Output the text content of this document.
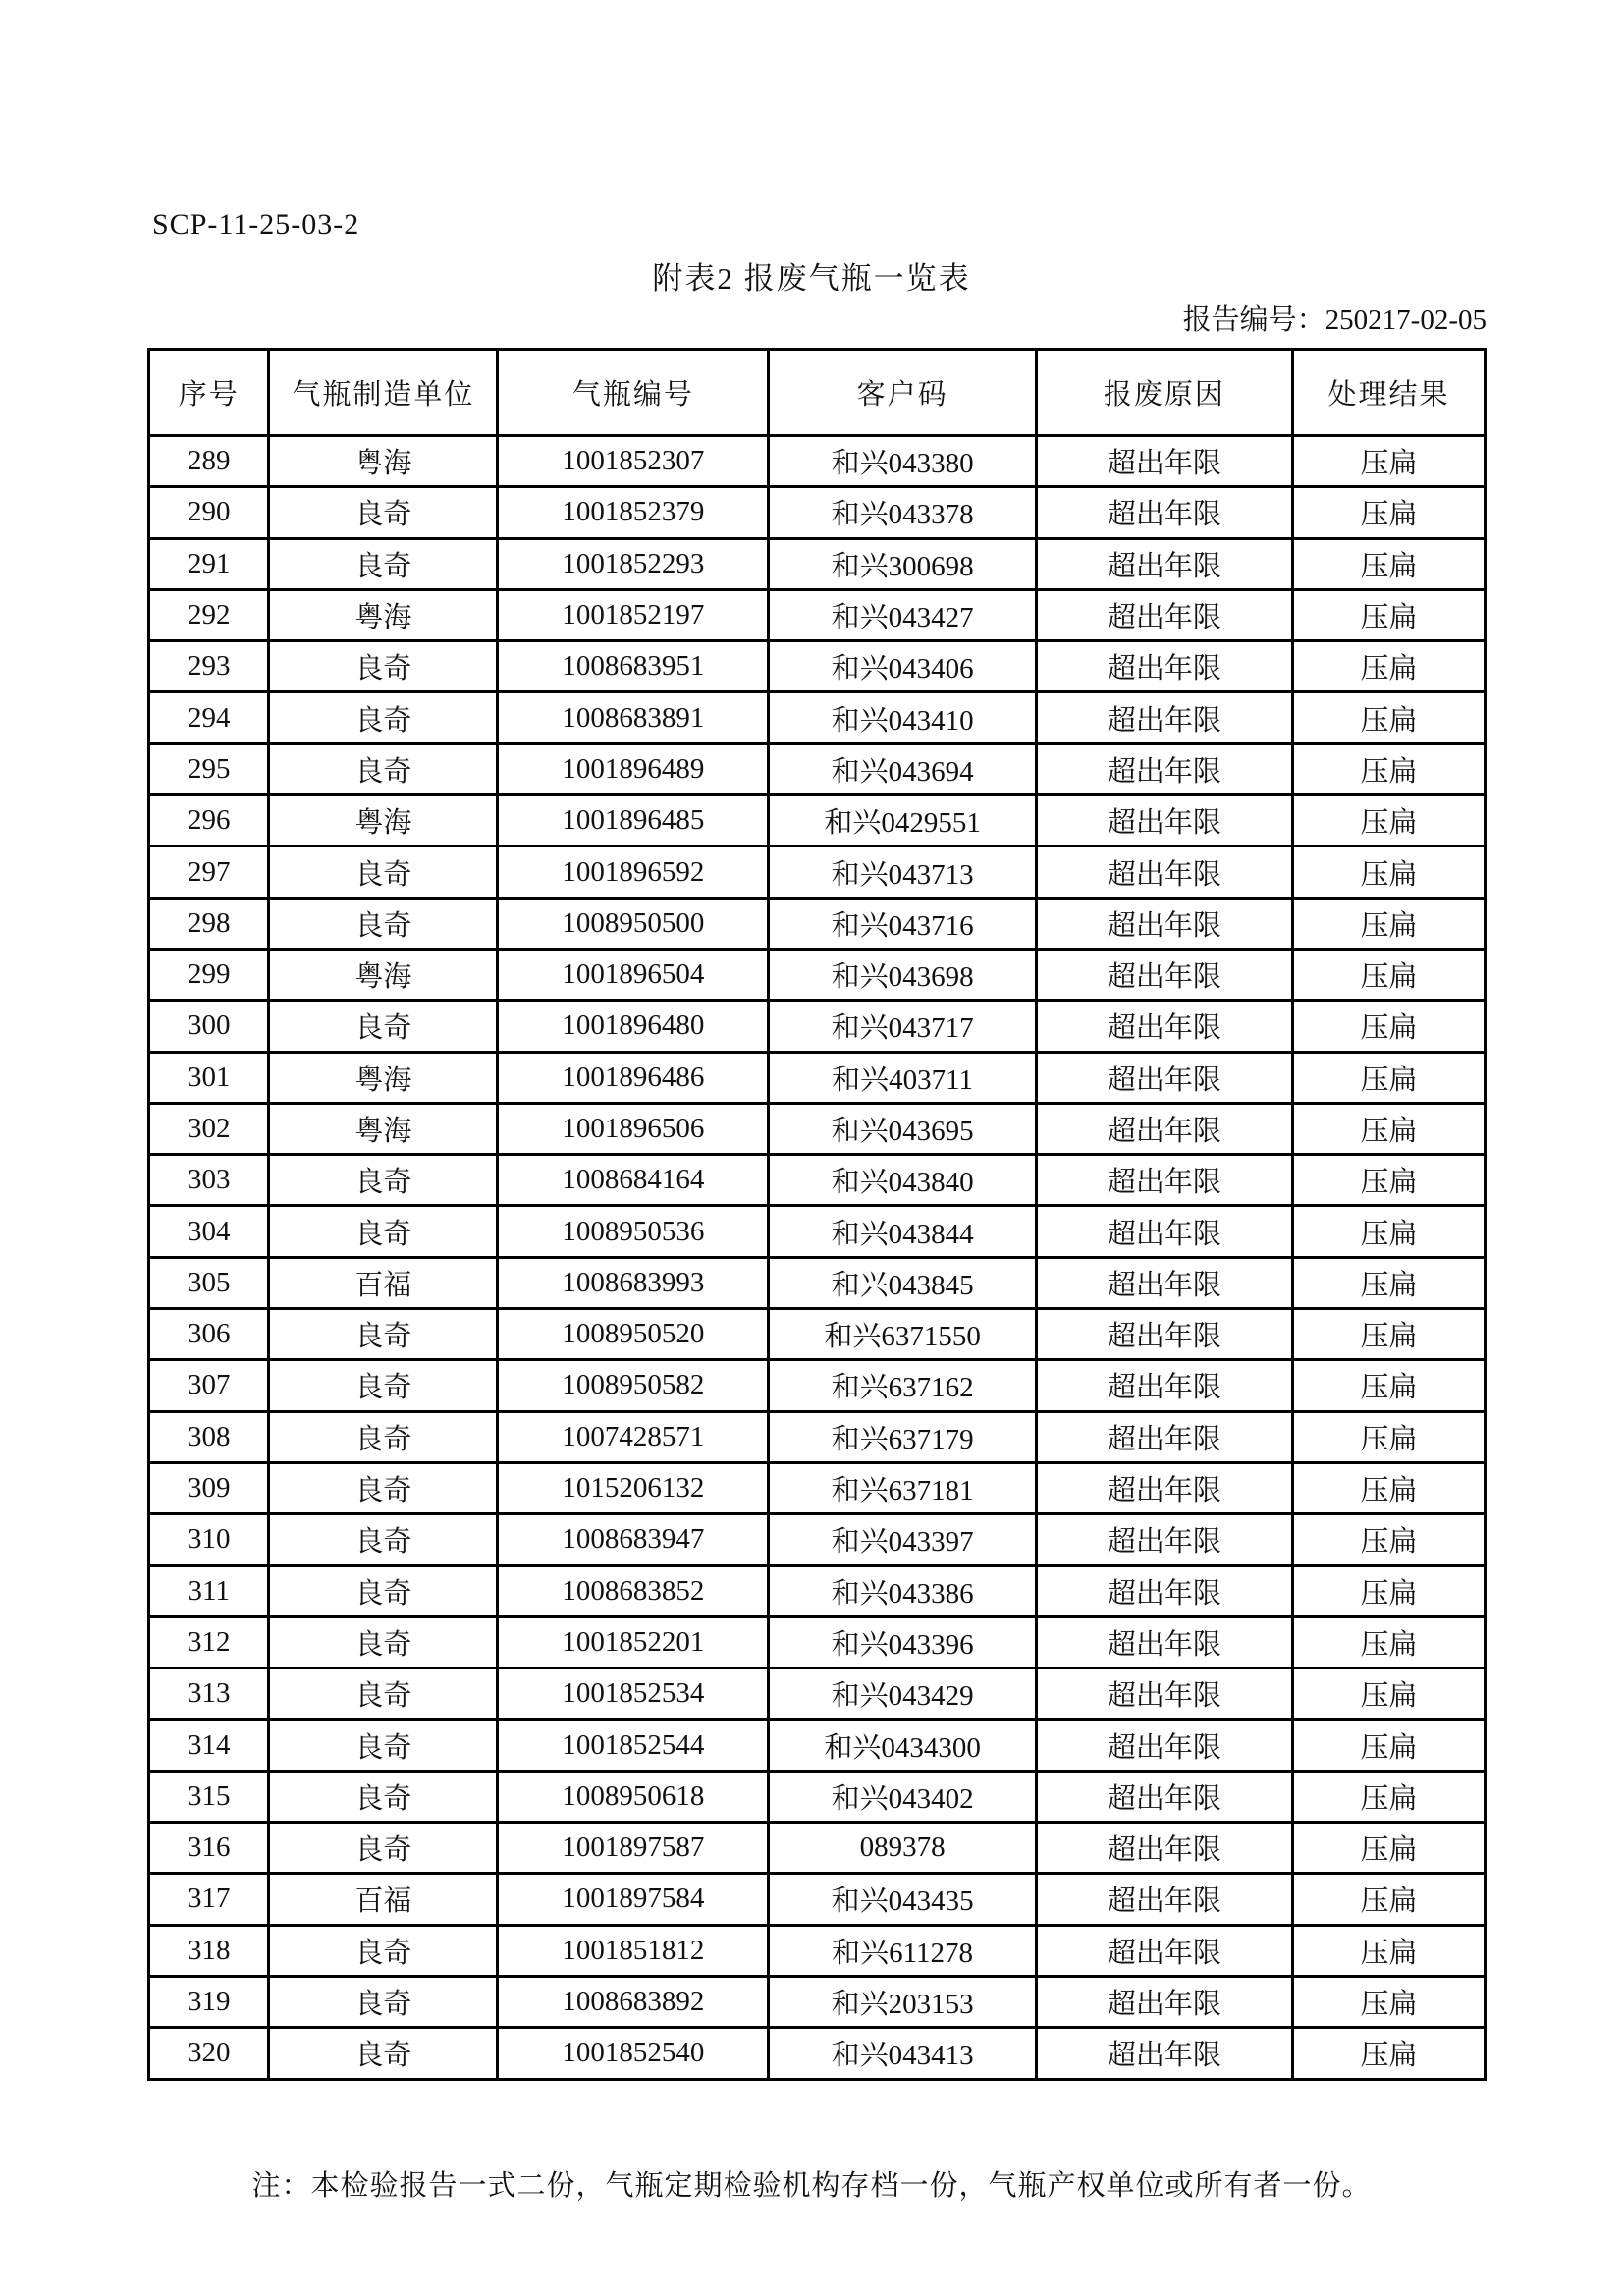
SCP-11-25-03-2
附表2 报废气瓶一览表
报告编号：250217-02-05
序号	气瓶制造单位	气瓶编号	客户码	报废原因	处理结果
289	粤海	1001852307	和兴043380	超出年限	压扁
290	良奇	1001852379	和兴043378	超出年限	压扁
291	良奇	1001852293	和兴300698	超出年限	压扁
292	粤海	1001852197	和兴043427	超出年限	压扁
293	良奇	1008683951	和兴043406	超出年限	压扁
294	良奇	1008683891	和兴043410	超出年限	压扁
295	良奇	1001896489	和兴043694	超出年限	压扁
296	粤海	1001896485	和兴0429551	超出年限	压扁
297	良奇	1001896592	和兴043713	超出年限	压扁
298	良奇	1008950500	和兴043716	超出年限	压扁
299	粤海	1001896504	和兴043698	超出年限	压扁
300	良奇	1001896480	和兴043717	超出年限	压扁
301	粤海	1001896486	和兴403711	超出年限	压扁
302	粤海	1001896506	和兴043695	超出年限	压扁
303	良奇	1008684164	和兴043840	超出年限	压扁
304	良奇	1008950536	和兴043844	超出年限	压扁
305	百福	1008683993	和兴043845	超出年限	压扁
306	良奇	1008950520	和兴6371550	超出年限	压扁
307	良奇	1008950582	和兴637162	超出年限	压扁
308	良奇	1007428571	和兴637179	超出年限	压扁
309	良奇	1015206132	和兴637181	超出年限	压扁
310	良奇	1008683947	和兴043397	超出年限	压扁
311	良奇	1008683852	和兴043386	超出年限	压扁
312	良奇	1001852201	和兴043396	超出年限	压扁
313	良奇	1001852534	和兴043429	超出年限	压扁
314	良奇	1001852544	和兴0434300	超出年限	压扁
315	良奇	1008950618	和兴043402	超出年限	压扁
316	良奇	1001897587	089378	超出年限	压扁
317	百福	1001897584	和兴043435	超出年限	压扁
318	良奇	1001851812	和兴611278	超出年限	压扁
319	良奇	1008683892	和兴203153	超出年限	压扁
320	良奇	1001852540	和兴043413	超出年限	压扁
注：本检验报告一式二份，气瓶定期检验机构存档一份，气瓶产权单位或所有者一份。
